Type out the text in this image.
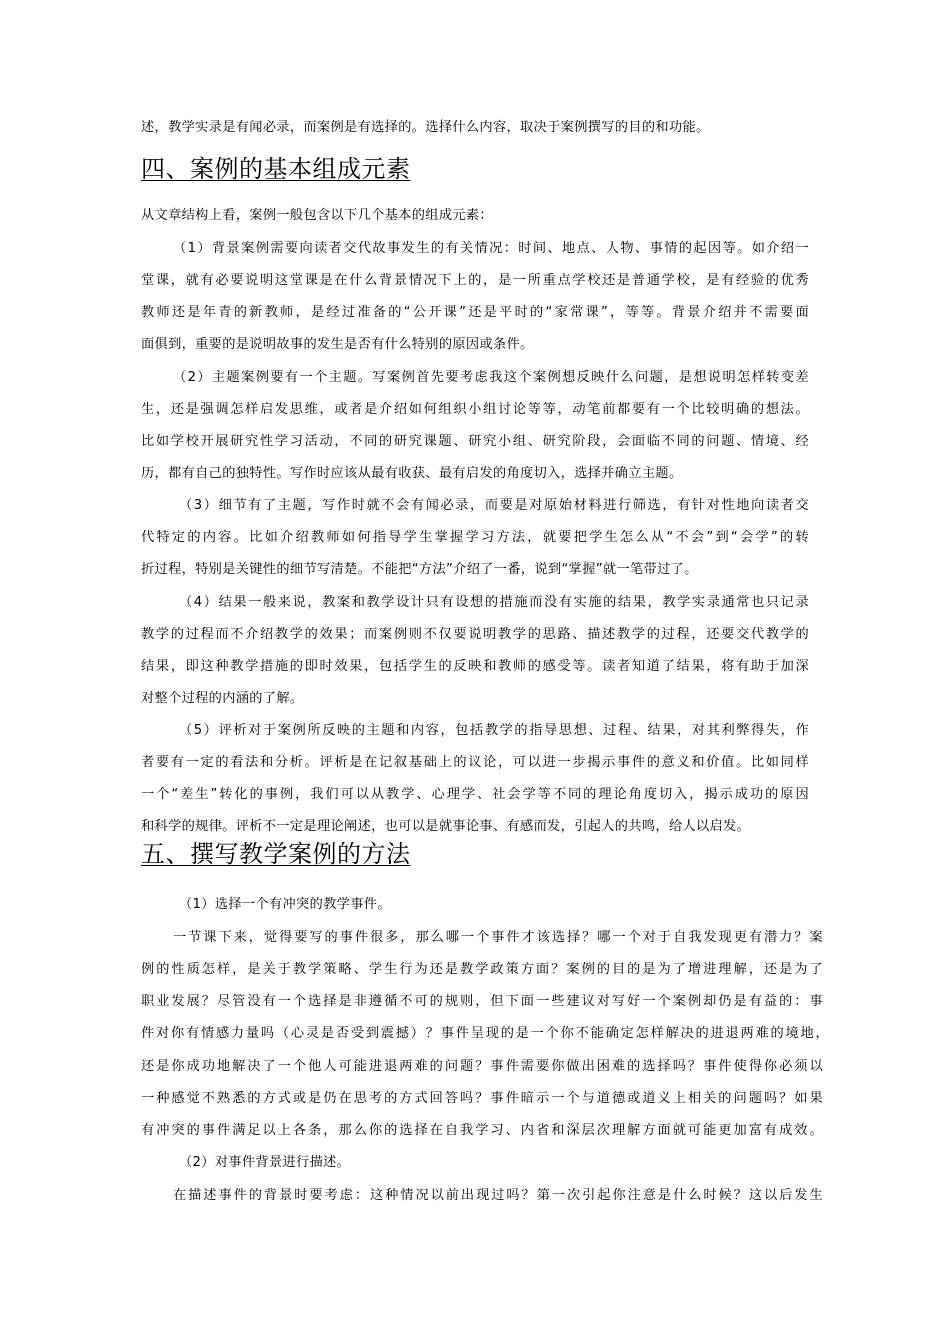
述，教学实录是有闻必录，而案例是有选择的。选择什么内容，取决于案例撰写的目的和功能。
四、案例的基本组成元素
从文章结构上看，案例一般包含以下几个基本的组成元素：
（1）背景案例需要向读者交代故事发生的有关情况：时间、地点、人物、事情的起因等。如介绍一
堂课，就有必要说明这堂课是在什么背景情况下上的，是一所重点学校还是普通学校，是有经验的优秀
教师还是年青的新教师，是经过准备的“公开课”还是平时的“家常课”，等等。背景介绍并不需要面
面俱到，重要的是说明故事的发生是否有什么特别的原因或条件。
（2）主题案例要有一个主题。写案例首先要考虑我这个案例想反映什么问题，是想说明怎样转变差
生，还是强调怎样启发思维，或者是介绍如何组织小组讨论等等，动笔前都要有一个比较明确的想法。
比如学校开展研究性学习活动，不同的研究课题、研究小组、研究阶段，会面临不同的问题、情境、经
历，都有自己的独特性。写作时应该从最有收获、最有启发的角度切入，选择并确立主题。
（3）细节有了主题，写作时就不会有闻必录，而要是对原始材料进行筛选，有针对性地向读者交
代特定的内容。比如介绍教师如何指导学生掌握学习方法，就要把学生怎么从“不会”到“会学”的转
折过程，特别是关键性的细节写清楚。不能把“方法”介绍了一番，说到“掌握”就一笔带过了。
（4）结果一般来说，教案和教学设计只有设想的措施而没有实施的结果，教学实录通常也只记录
教学的过程而不介绍教学的效果；而案例则不仅要说明教学的思路、描述教学的过程，还要交代教学的
结果，即这种教学措施的即时效果，包括学生的反映和教师的感受等。读者知道了结果，将有助于加深
对整个过程的内涵的了解。
（5）评析对于案例所反映的主题和内容，包括教学的指导思想、过程、结果，对其利弊得失，作
者要有一定的看法和分析。评析是在记叙基础上的议论，可以进一步揭示事件的意义和价值。比如同样
一个“差生”转化的事例，我们可以从教学、心理学、社会学等不同的理论角度切入，揭示成功的原因
和科学的规律。评析不一定是理论阐述，也可以是就事论事、有感而发，引起人的共鸣，给人以启发。
五、撰写教学案例的方法
（1）选择一个有冲突的教学事件。
一节课下来，觉得要写的事件很多，那么哪一个事件才该选择？哪一个对于自我发现更有潜力？案
例的性质怎样，是关于教学策略、学生行为还是教学政策方面？案例的目的是为了增进理解，还是为了
职业发展？尽管没有一个选择是非遵循不可的规则，但下面一些建议对写好一个案例却仍是有益的：事
件对你有情感力量吗（心灵是否受到震撼）？事件呈现的是一个你不能确定怎样解决的进退两难的境地，
还是你成功地解决了一个他人可能进退两难的问题？事件需要你做出困难的选择吗？事件使得你必须以
一种感觉不熟悉的方式或是仍在思考的方式回答吗？事件暗示一个与道德或道义上相关的问题吗？如果
有冲突的事件满足以上各条，那么你的选择在自我学习、内省和深层次理解方面就可能更加富有成效。
（2）对事件背景进行描述。
在描述事件的背景时要考虑：这种情况以前出现过吗？第一次引起你注意是什么时候？这以后发生
